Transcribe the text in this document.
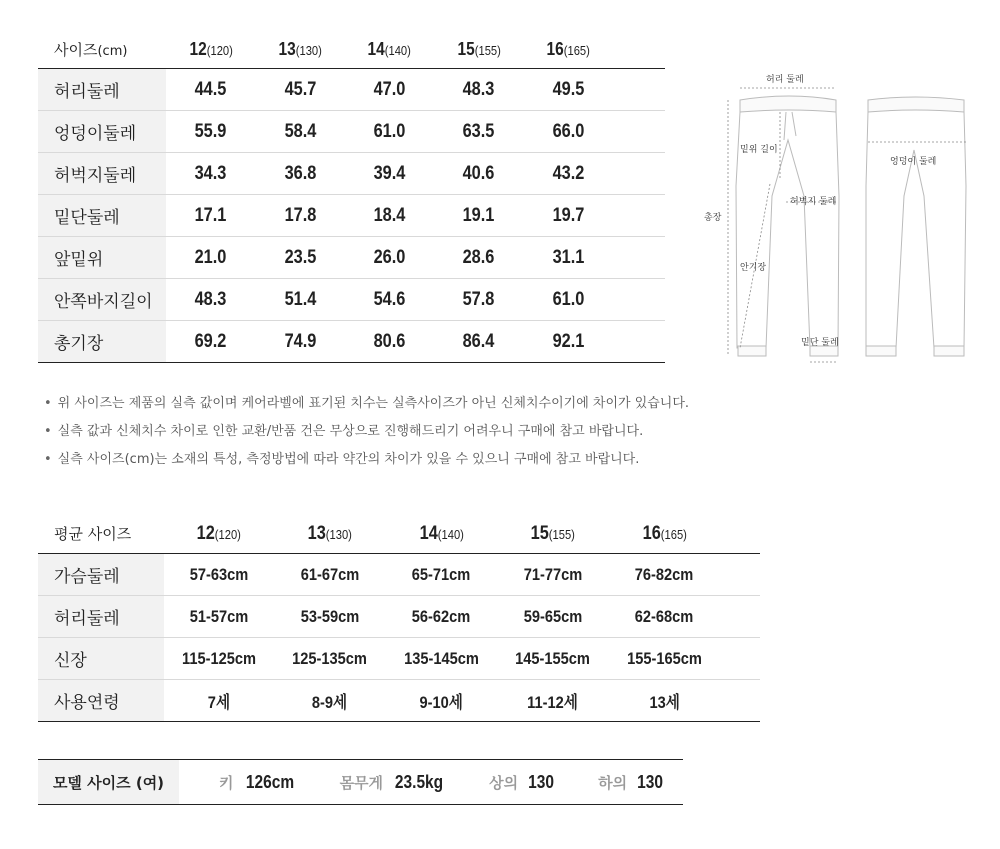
사이즈(cm)	12(120)	13(130)	14(140)	15(155)	16(165)	
허리둘레	44.5	45.7	47.0	48.3	49.5	
엉덩이둘레	55.9	58.4	61.0	63.5	66.0	
허벅지둘레	34.3	36.8	39.4	40.6	43.2	
밑단둘레	17.1	17.8	18.4	19.1	19.7	
앞밑위	21.0	23.5	26.0	28.6	31.1	
안쪽바지길이	48.3	51.4	54.6	57.8	61.0	
총기장	69.2	74.9	80.6	86.4	92.1	
허리 둘레
밑위 길이
총장
허벅지 둘레
안기장
밑단 둘레
엉덩이 둘레
• 위 사이즈는 제품의 실측 값이며 케어라벨에 표기된 치수는 실측사이즈가 아닌 신체치수이기에 차이가 있습니다.
• 실측 값과 신체치수 차이로 인한 교환/반품 건은 무상으로 진행해드리기 어려우니 구매에 참고 바랍니다.
• 실측 사이즈(cm)는 소재의 특성, 측정방법에 따라 약간의 차이가 있을 수 있으니 구매에 참고 바랍니다.
평균 사이즈	12(120)	13(130)	14(140)	15(155)	16(165)	
가슴둘레	57-63cm	61-67cm	65-71cm	71-77cm	76-82cm	
허리둘레	51-57cm	53-59cm	56-62cm	59-65cm	62-68cm	
신장	115-125cm	125-135cm	135-145cm	145-155cm	155-165cm	
사용연령	7세	8-9세	9-10세	11-12세	13세	
모델 사이즈 (여)	키 126cm	몸무게 23.5kg	상의 130	하의 130
